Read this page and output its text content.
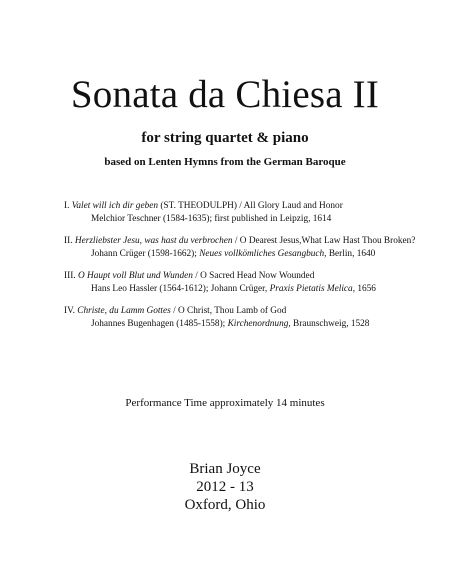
Sonata da Chiesa II
for string quartet & piano
based on Lenten Hymns from the German Baroque
I. Valet will ich dir geben (ST. THEODULPH) / All Glory Laud and Honor
Melchior Teschner (1584-1635); first published in Leipzig, 1614
II. Herzliebster Jesu, was hast du verbrochen / O Dearest Jesus,What Law Hast Thou Broken?
Johann Crüger (1598-1662); Neues vollkömliches Gesangbuch, Berlin, 1640
III. O Haupt voll Blut und Wunden / O Sacred Head Now Wounded
Hans Leo Hassler (1564-1612); Johann Crüger, Praxis Pietatis Melica, 1656
IV. Christe, du Lamm Gottes / O Christ, Thou Lamb of God
Johannes Bugenhagen (1485-1558); Kirchenordnung, Braunschweig, 1528
Performance Time approximately 14 minutes
Brian Joyce
2012 - 13
Oxford, Ohio
